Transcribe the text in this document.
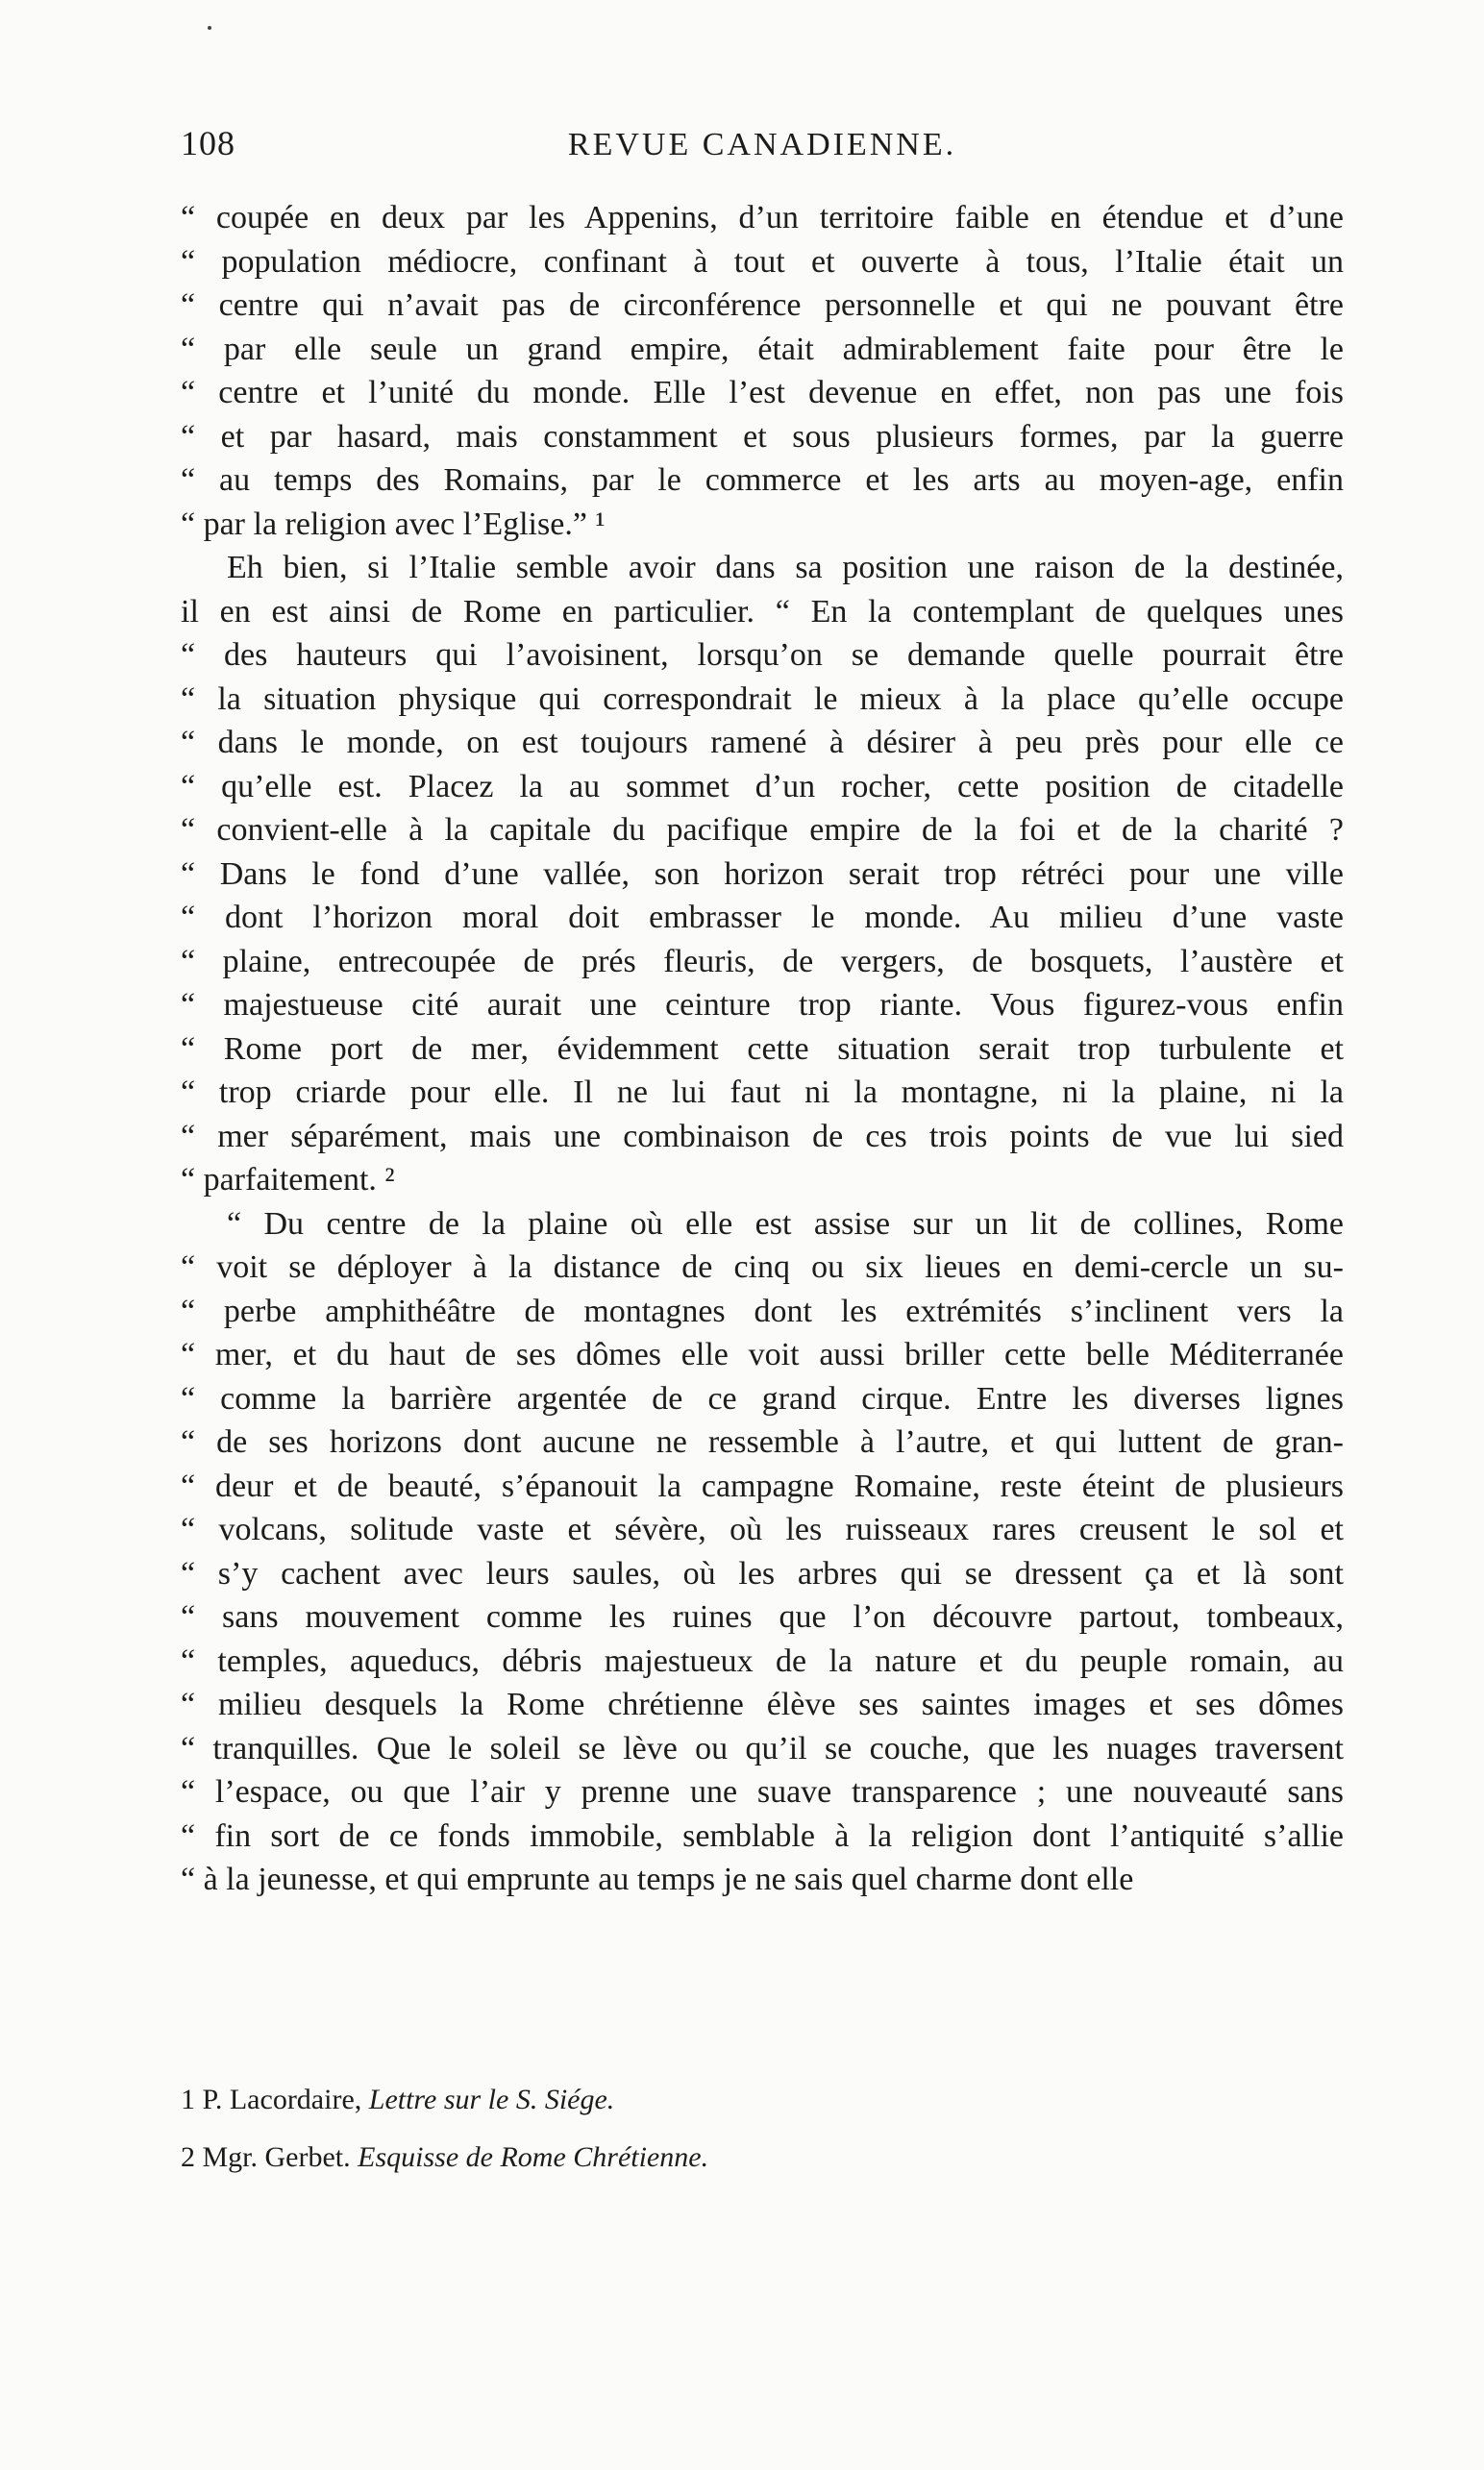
108	REVUE CANADIENNE.
“ coupée en deux par les Appenins, d’un territoire faible en étendue et d’une
“ population médiocre, confinant à tout et ouverte à tous, l’Italie était un
“ centre qui n’avait pas de circonférence personnelle et qui ne pouvant être
“ par elle seule un grand empire, était admirablement faite pour être le
“ centre et l’unité du monde. Elle l’est devenue en effet, non pas une fois
“ et par hasard, mais constamment et sous plusieurs formes, par la guerre
“ au temps des Romains, par le commerce et les arts au moyen-age, enfin
“ par la religion avec l’Eglise.” ¹
Eh bien, si l’Italie semble avoir dans sa position une raison de la destinée,
il en est ainsi de Rome en particulier. “ En la contemplant de quelques unes
“ des hauteurs qui l’avoisinent, lorsqu’on se demande quelle pourrait être
“ la situation physique qui correspondrait le mieux à la place qu’elle occupe
“ dans le monde, on est toujours ramené à désirer à peu près pour elle ce
“ qu’elle est. Placez la au sommet d’un rocher, cette position de citadelle
“ convient-elle à la capitale du pacifique empire de la foi et de la charité ?
“ Dans le fond d’une vallée, son horizon serait trop rétréci pour une ville
“ dont l’horizon moral doit embrasser le monde. Au milieu d’une vaste
“ plaine, entrecoupée de prés fleuris, de vergers, de bosquets, l’austère et
“ majestueuse cité aurait une ceinture trop riante. Vous figurez-vous enfin
“ Rome port de mer, évidemment cette situation serait trop turbulente et
“ trop criarde pour elle. Il ne lui faut ni la montagne, ni la plaine, ni la
“ mer séparément, mais une combinaison de ces trois points de vue lui sied
“ parfaitement. ²
“ Du centre de la plaine où elle est assise sur un lit de collines, Rome
“ voit se déployer à la distance de cinq ou six lieues en demi-cercle un su-
“ perbe amphithéâtre de montagnes dont les extrémités s’inclinent vers la
“ mer, et du haut de ses dômes elle voit aussi briller cette belle Méditerranée
“ comme la barrière argentée de ce grand cirque. Entre les diverses lignes
“ de ses horizons dont aucune ne ressemble à l’autre, et qui luttent de gran-
“ deur et de beauté, s’épanouit la campagne Romaine, reste éteint de plusieurs
“ volcans, solitude vaste et sévère, où les ruisseaux rares creusent le sol et
“ s’y cachent avec leurs saules, où les arbres qui se dressent ça et là sont
“ sans mouvement comme les ruines que l’on découvre partout, tombeaux,
“ temples, aqueducs, débris majestueux de la nature et du peuple romain, au
“ milieu desquels la Rome chrétienne élève ses saintes images et ses dômes
“ tranquilles. Que le soleil se lève ou qu’il se couche, que les nuages traversent
“ l’espace, ou que l’air y prenne une suave transparence ; une nouveauté sans
“ fin sort de ce fonds immobile, semblable à la religion dont l’antiquité s’allie
“ à la jeunesse, et qui emprunte au temps je ne sais quel charme dont elle
1 P. Lacordaire, Lettre sur le S. Siége.
2 Mgr. Gerbet. Esquisse de Rome Chrétienne.
